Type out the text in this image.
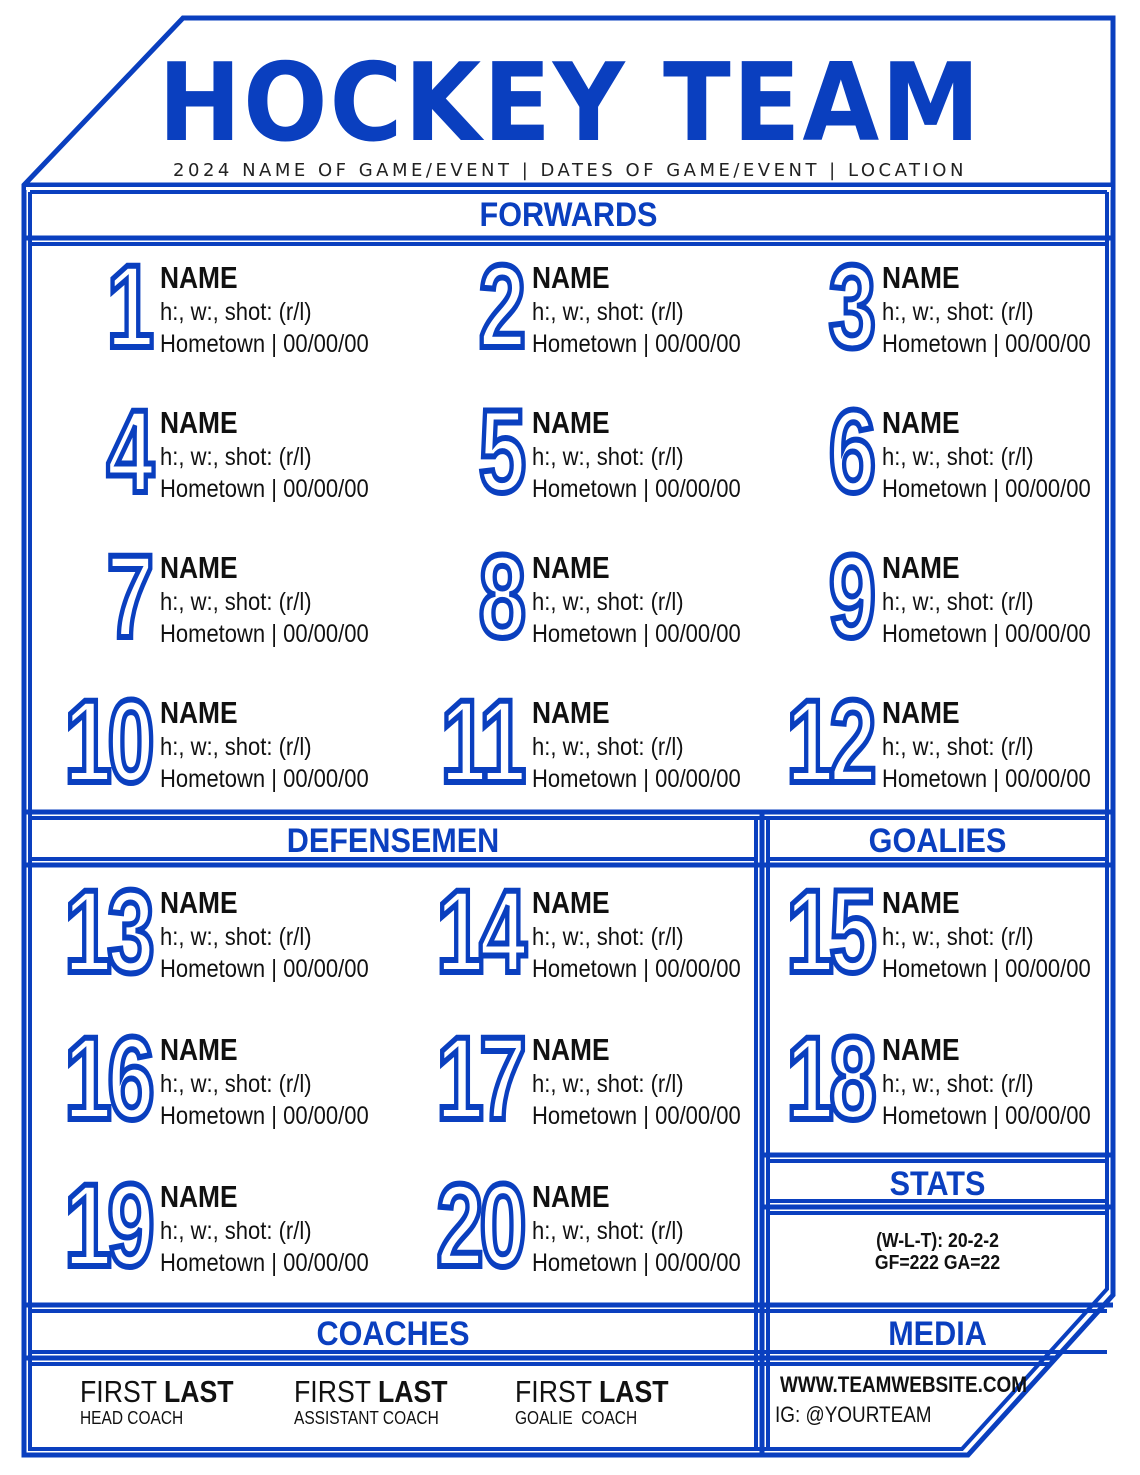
HOCKEY TEAM
2024 NAME OF GAME/EVENT | DATES OF GAME/EVENT | LOCATION
FORWARDS
DEFENSEMEN	GOALIES
STATS
COACHES	MEDIA
(W-L-T): 20-2-2
GF=222 GA=22
FIRST LAST
HEAD COACH
FIRST LAST
ASSISTANT COACH
FIRST LAST
GOALIE  COACH
WWW.TEAMWEBSITE.COM
IG: @YOURTEAM
1 NAME
h:, w:, shot: (r/l)
Hometown | 00/00/00 2 NAME
h:, w:, shot: (r/l)
Hometown | 00/00/00 3 NAME
h:, w:, shot: (r/l)
Hometown | 00/00/00
4 NAME
h:, w:, shot: (r/l)
Hometown | 00/00/00 5 NAME
h:, w:, shot: (r/l)
Hometown | 00/00/00 6 NAME
h:, w:, shot: (r/l)
Hometown | 00/00/00
7 NAME
h:, w:, shot: (r/l)
Hometown | 00/00/00 8 NAME
h:, w:, shot: (r/l)
Hometown | 00/00/00 9 NAME
h:, w:, shot: (r/l)
Hometown | 00/00/00
10 NAME
h:, w:, shot: (r/l)
Hometown | 00/00/00 11 NAME
h:, w:, shot: (r/l)
Hometown | 00/00/00 12 NAME
h:, w:, shot: (r/l)
Hometown | 00/00/00
13 NAME
h:, w:, shot: (r/l)
Hometown | 00/00/00 14 NAME
h:, w:, shot: (r/l)
Hometown | 00/00/00
16 NAME
h:, w:, shot: (r/l)
Hometown | 00/00/00 17 NAME
h:, w:, shot: (r/l)
Hometown | 00/00/00
19 NAME
h:, w:, shot: (r/l)
Hometown | 00/00/00 20 NAME
h:, w:, shot: (r/l)
Hometown | 00/00/00
15 NAME
h:, w:, shot: (r/l)
Hometown | 00/00/00
18 NAME
h:, w:, shot: (r/l)
Hometown | 00/00/00
